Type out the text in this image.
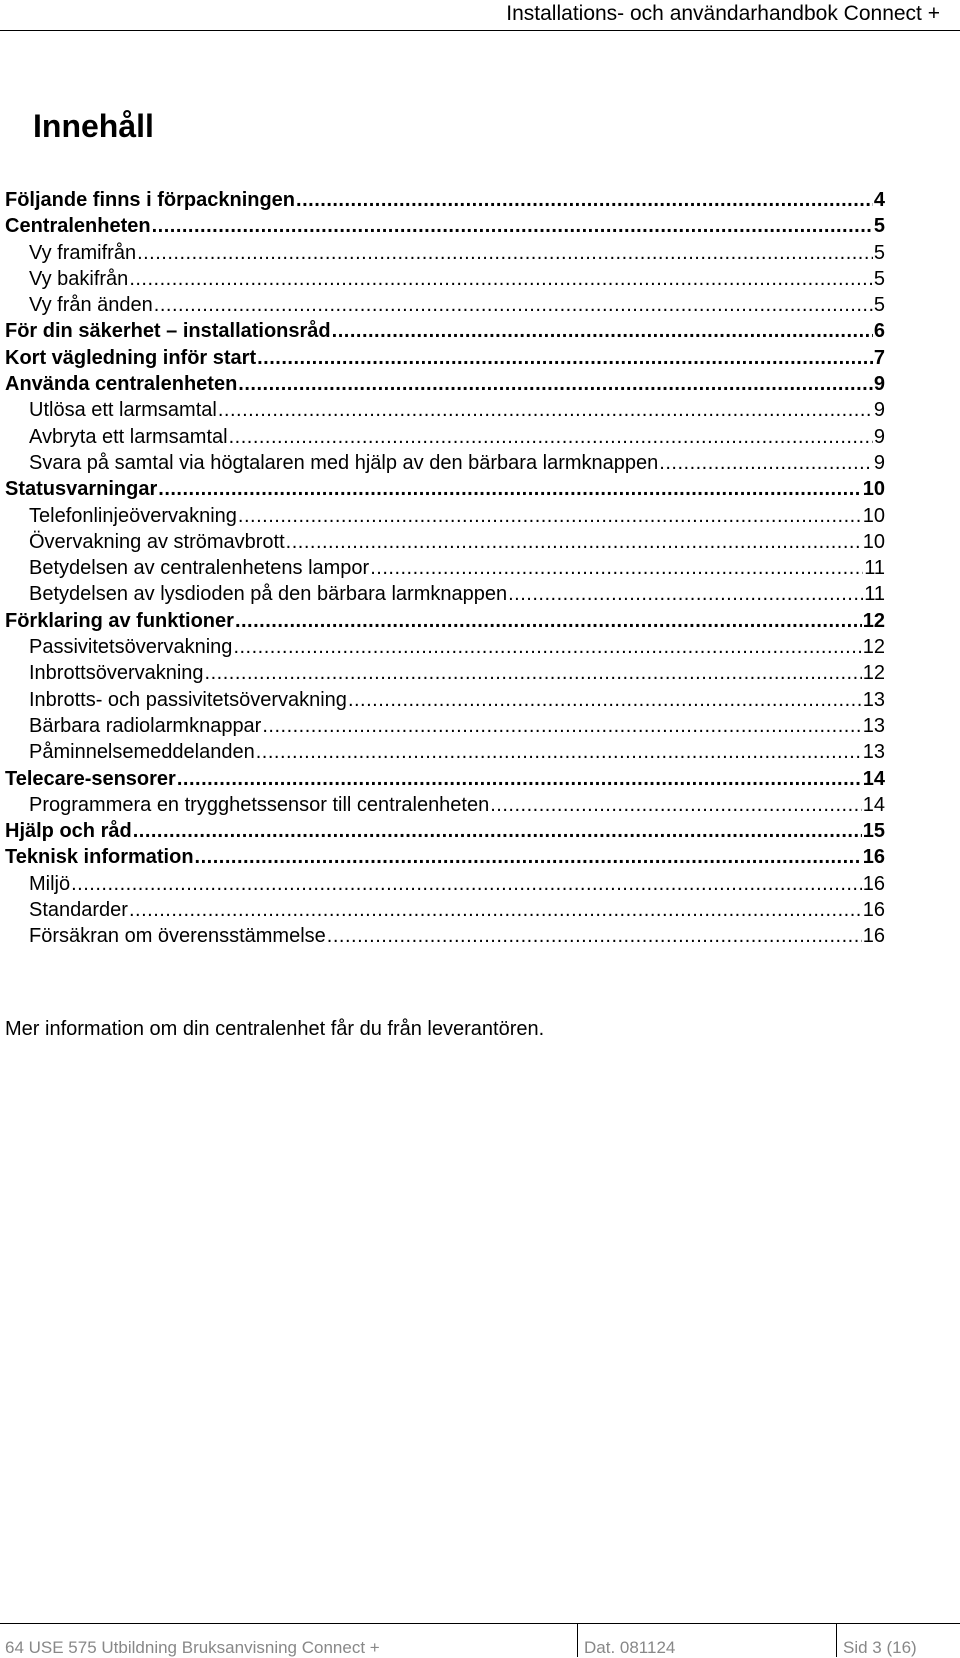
Installations- och användarhandbok Connect +
Innehåll
Följande finns i förpackningen .....	4
Centralenheten .....	5
Vy framifrån .....	5
Vy bakifrån .....	5
Vy från änden .....	5
För din säkerhet – installationsråd .....	6
Kort vägledning inför start .....	7
Använda centralenheten .....	9
Utlösa ett larmsamtal .....	9
Avbryta ett larmsamtal .....	9
Svara på samtal via högtalaren med hjälp av den bärbara larmknappen .....	9
Statusvarningar .....	10
Telefonlinjeövervakning .....	10
Övervakning av strömavbrott .....	10
Betydelsen av centralenhetens lampor .....	11
Betydelsen av lysdioden på den bärbara larmknappen .....	11
Förklaring av funktioner .....	12
Passivitetsövervakning .....	12
Inbrottsövervakning .....	12
Inbrotts- och passivitetsövervakning .....	13
Bärbara radiolarmknappar .....	13
Påminnelsemeddelanden .....	13
Telecare-sensorer .....	14
Programmera en trygghetssensor till centralenheten .....	14
Hjälp och råd .....	15
Teknisk information .....	16
Miljö .....	16
Standarder .....	16
Försäkran om överensstämmelse .....	16
Mer information om din centralenhet får du från leverantören.
64 USE 575 Utbildning Bruksanvisning Connect +	Dat. 081124	Sid 3 (16)
